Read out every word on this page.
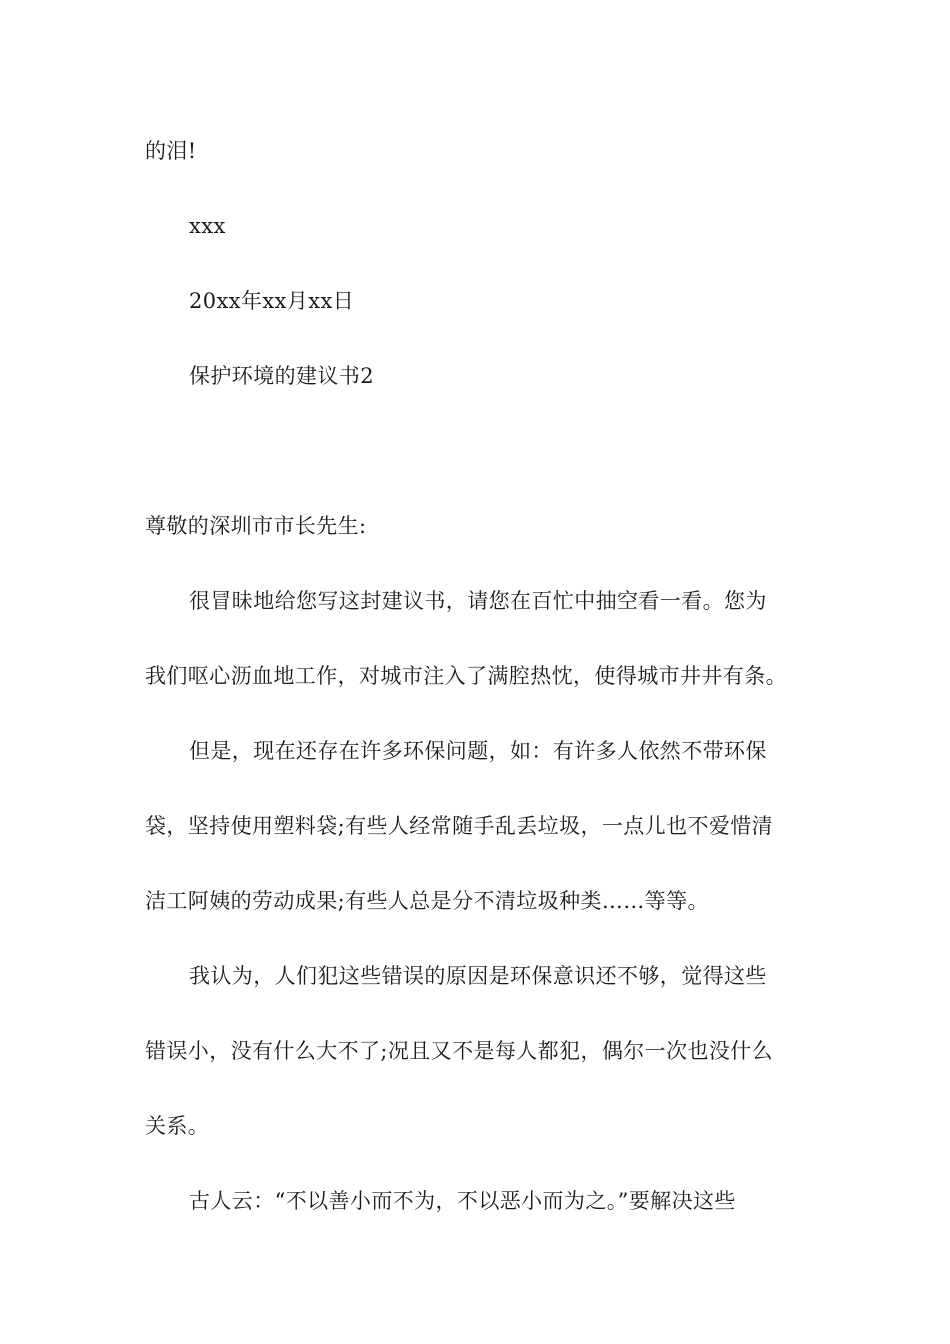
的泪!
xxx
20xx年xx月xx日
保护环境的建议书2
尊敬的深圳市市长先生:
很冒昧地给您写这封建议书，请您在百忙中抽空看一看。您为
我们呕心沥血地工作，对城市注入了满腔热忱，使得城市井井有条。
但是，现在还存在许多环保问题，如：有许多人依然不带环保
袋，坚持使用塑料袋;有些人经常随手乱丢垃圾，一点儿也不爱惜清
洁工阿姨的劳动成果;有些人总是分不清垃圾种类……等等。
我认为，人们犯这些错误的原因是环保意识还不够，觉得这些
错误小，没有什么大不了;况且又不是每人都犯，偶尔一次也没什么
关系。
古人云：“不以善小而不为，不以恶小而为之。”要解决这些
